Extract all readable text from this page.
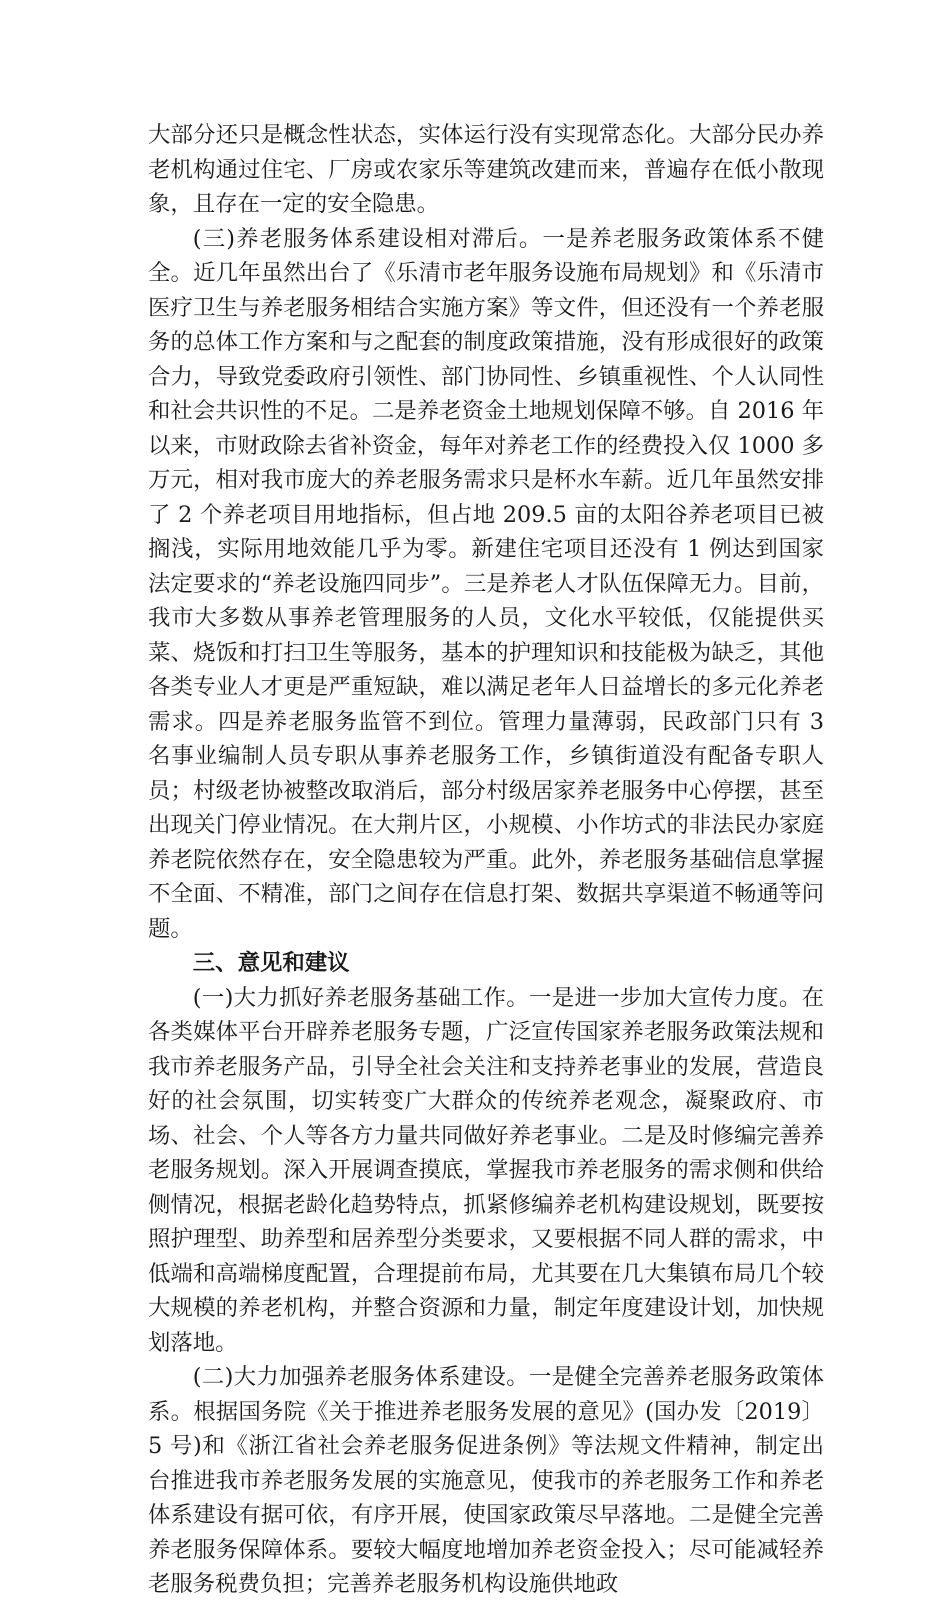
大部分还只是概念性状态，实体运行没有实现常态化。大部分民办养老机构通过住宅、厂房或农家乐等建筑改建而来，普遍存在低小散现象，且存在一定的安全隐患。

(三)养老服务体系建设相对滞后。一是养老服务政策体系不健全。近几年虽然出台了《乐清市老年服务设施布局规划》和《乐清市医疗卫生与养老服务相结合实施方案》等文件，但还没有一个养老服务的总体工作方案和与之配套的制度政策措施，没有形成很好的政策合力，导致党委政府引领性、部门协同性、乡镇重视性、个人认同性和社会共识性的不足。二是养老资金土地规划保障不够。自 2016 年以来，市财政除去省补资金，每年对养老工作的经费投入仅 1000 多万元，相对我市庞大的养老服务需求只是杯水车薪。近几年虽然安排了 2 个养老项目用地指标，但占地 209.5 亩的太阳谷养老项目已被搁浅，实际用地效能几乎为零。新建住宅项目还没有 1 例达到国家法定要求的“养老设施四同步”。三是养老人才队伍保障无力。目前，我市大多数从事养老管理服务的人员，文化水平较低，仅能提供买菜、烧饭和打扫卫生等服务，基本的护理知识和技能极为缺乏，其他各类专业人才更是严重短缺，难以满足老年人日益增长的多元化养老需求。四是养老服务监管不到位。管理力量薄弱，民政部门只有 3 名事业编制人员专职从事养老服务工作，乡镇街道没有配备专职人员；村级老协被整改取消后，部分村级居家养老服务中心停摆，甚至出现关门停业情况。在大荆片区，小规模、小作坊式的非法民办家庭养老院依然存在，安全隐患较为严重。此外，养老服务基础信息掌握不全面、不精准，部门之间存在信息打架、数据共享渠道不畅通等问题。

三、意见和建议

(一)大力抓好养老服务基础工作。一是进一步加大宣传力度。在各类媒体平台开辟养老服务专题，广泛宣传国家养老服务政策法规和我市养老服务产品，引导全社会关注和支持养老事业的发展，营造良好的社会氛围，切实转变广大群众的传统养老观念，凝聚政府、市场、社会、个人等各方力量共同做好养老事业。二是及时修编完善养老服务规划。深入开展调查摸底，掌握我市养老服务的需求侧和供给侧情况，根据老龄化趋势特点，抓紧修编养老机构建设规划，既要按照护理型、助养型和居养型分类要求，又要根据不同人群的需求，中低端和高端梯度配置，合理提前布局，尤其要在几大集镇布局几个较大规模的养老机构，并整合资源和力量，制定年度建设计划，加快规划落地。

(二)大力加强养老服务体系建设。一是健全完善养老服务政策体系。根据国务院《关于推进养老服务发展的意见》(国办发〔2019〕5 号)和《浙江省社会养老服务促进条例》等法规文件精神，制定出台推进我市养老服务发展的实施意见，使我市的养老服务工作和养老体系建设有据可依，有序开展，使国家政策尽早落地。二是健全完善养老服务保障体系。要较大幅度地增加养老资金投入；尽可能减轻养老服务税费负担；完善养老服务机构设施供地政
